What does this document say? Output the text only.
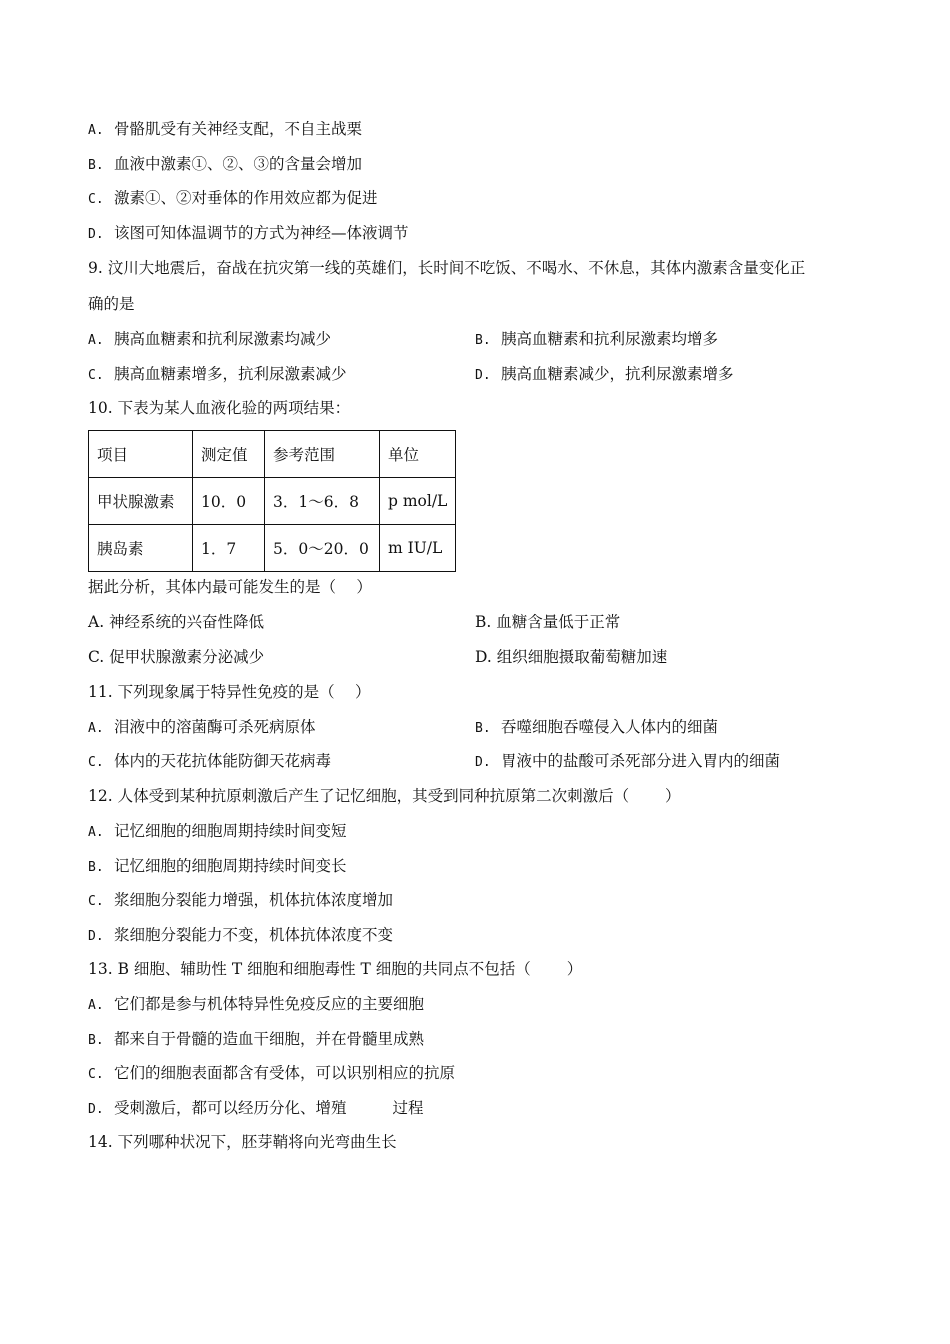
A. 骨骼肌受有关神经支配，不自主战栗
B. 血液中激素①、②、③的含量会增加
C. 激素①、②对垂体的作用效应都为促进
D. 该图可知体温调节的方式为神经—体液调节
9. 汶川大地震后，奋战在抗灾第一线的英雄们，长时间不吃饭、不喝水、不休息，其体内激素含量变化正
确的是
A. 胰高血糖素和抗利尿激素均减少	B. 胰高血糖素和抗利尿激素均增多
C. 胰高血糖素增多，抗利尿激素减少	D. 胰高血糖素减少，抗利尿激素增多
10. 下表为某人血液化验的两项结果：
项目	测定值	参考范围	单位
甲状腺激素	10．0	3．1～6．8	p mol/L
胰岛素	1．7	5．0～20．0	m IU/L
据此分析，其体内最可能发生的是（　 ）
A. 神经系统的兴奋性降低	B. 血糖含量低于正常
C. 促甲状腺激素分泌减少	D. 组织细胞摄取葡萄糖加速
11. 下列现象属于特异性免疫的是（　 ）
A. 泪液中的溶菌酶可杀死病原体	B. 吞噬细胞吞噬侵入人体内的细菌
C. 体内的天花抗体能防御天花病毒	D. 胃液中的盐酸可杀死部分进入胃内的细菌
12. 人体受到某种抗原刺激后产生了记忆细胞，其受到同种抗原第二次刺激后（　　 ）
A. 记忆细胞的细胞周期持续时间变短
B. 记忆细胞的细胞周期持续时间变长
C. 浆细胞分裂能力增强，机体抗体浓度增加
D. 浆细胞分裂能力不变，机体抗体浓度不变
13. B 细胞、辅助性 T 细胞和细胞毒性 T 细胞的共同点不包括（　　 ）
A. 它们都是参与机体特异性免疫反应的主要细胞
B. 都来自于骨髓的造血干细胞，并在骨髓里成熟
C. 它们的细胞表面都含有受体，可以识别相应的抗原
D. 受刺激后，都可以经历分化、增殖	过程
14. 下列哪种状况下，胚芽鞘将向光弯曲生长
